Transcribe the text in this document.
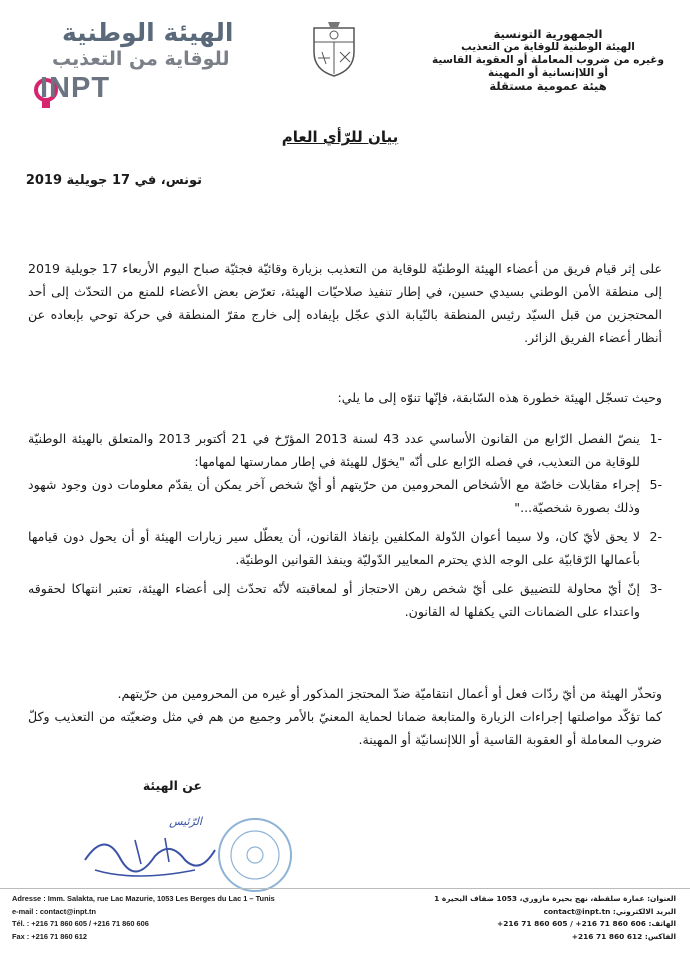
الهيئة الوطنية
للوقاية من التعذيب
INPT
الجمهورية التونسية
الهيئة الوطنية للوقاية من التعذيب
وغيره من ضروب المعاملة أو العقوبة القاسية
أو اللاإنسانية أو المهينة
هيئة عمومية مستقلة
بيان للرّأي العام
تونس، في 17 جويلية 2019

على إثر قيام فريق من أعضاء الهيئة الوطنيّة للوقاية من التعذيب بزيارة وقائيّة فجئيّة صباح اليوم الأربعاء 17 جويلية 2019 إلى منطقة الأمن الوطني بسيدي حسين، في إطار تنفيذ صلاحيّات الهيئة، تعرّض بعض الأعضاء للمنع من التحدّث إلى أحد المحتجزين من قبل السيّد رئيس المنطقة بالنّيابة الذي عجّل بإيفاده إلى خارج مقرّ المنطقة في حركة توحي بإبعاده عن أنظار أعضاء الفريق الزائر.

وحيث تسجّل الهيئة خطورة هذه السّابقة، فإنّها تنوّه إلى ما يلي:

-1
ينصّ الفصل الرّابع من القانون الأساسي عدد 43 لسنة 2013 المؤرّخ في 21 أكتوبر 2013 والمتعلق بالهيئة الوطنيّة للوقاية من التعذيب، في فصله الرّابع على أنّه "يخوّل للهيئة في إطار ممارستها لمهامها:
-5
إجراء مقابلات خاصّة مع الأشخاص المحرومين من حرّيتهم أو أيّ شخص آخر يمكن أن يقدّم معلومات دون وجود شهود وذلك بصورة شخصيّة..."
-2
لا يحق لأيّ كان، ولا سيما أعوان الدّولة المكلفين بإنفاذ القانون، أن يعطّل سير زيارات الهيئة أو أن يحول دون قيامها بأعمالها الرّقابيّة على الوجه الذي يحترم المعايير الدّوليّة وينفذ القوانين الوطنيّة.
-3
إنّ أيّ محاولة للتضييق على أيّ شخص رهن الاحتجاز أو لمعاقبته لأنّه تحدّث إلى أعضاء الهيئة، تعتبر انتهاكا لحقوقه واعتداء على الضمانات التي يكفلها له القانون.

وتحذّر الهيئة من أيّ ردّات فعل أو أعمال انتقاميّة ضدّ المحتجز المذكور أو غيره من المحرومين من حرّيتهم.

كما تؤكّد مواصلتها إجراءات الزيارة والمتابعة ضمانا لحماية المعنيّ بالأمر وجميع من هم في مثل وضعيّته من التعذيب وكلّ ضروب المعاملة أو العقوبة القاسية أو اللاإنسانيّة أو المهينة.

عن الهيئة
الرّئيس
Adresse : Imm. Salakta, rue Lac Mazurie, 1053 Les Berges du Lac 1 – Tunis
e-mail : contact@inpt.tn
Tél. : +216 71 860 605 / +216 71 860 606
Fax : +216 71 860 612
العنوان: عمارة سلقطة، نهج بحيرة مازوري، 1053 ضفاف البحيرة 1
البريد الالكتروني: contact@inpt.tn
الهاتف: 606 860 71 216+ / 605 860 71 216+
الفاكس: 612 860 71 216+
